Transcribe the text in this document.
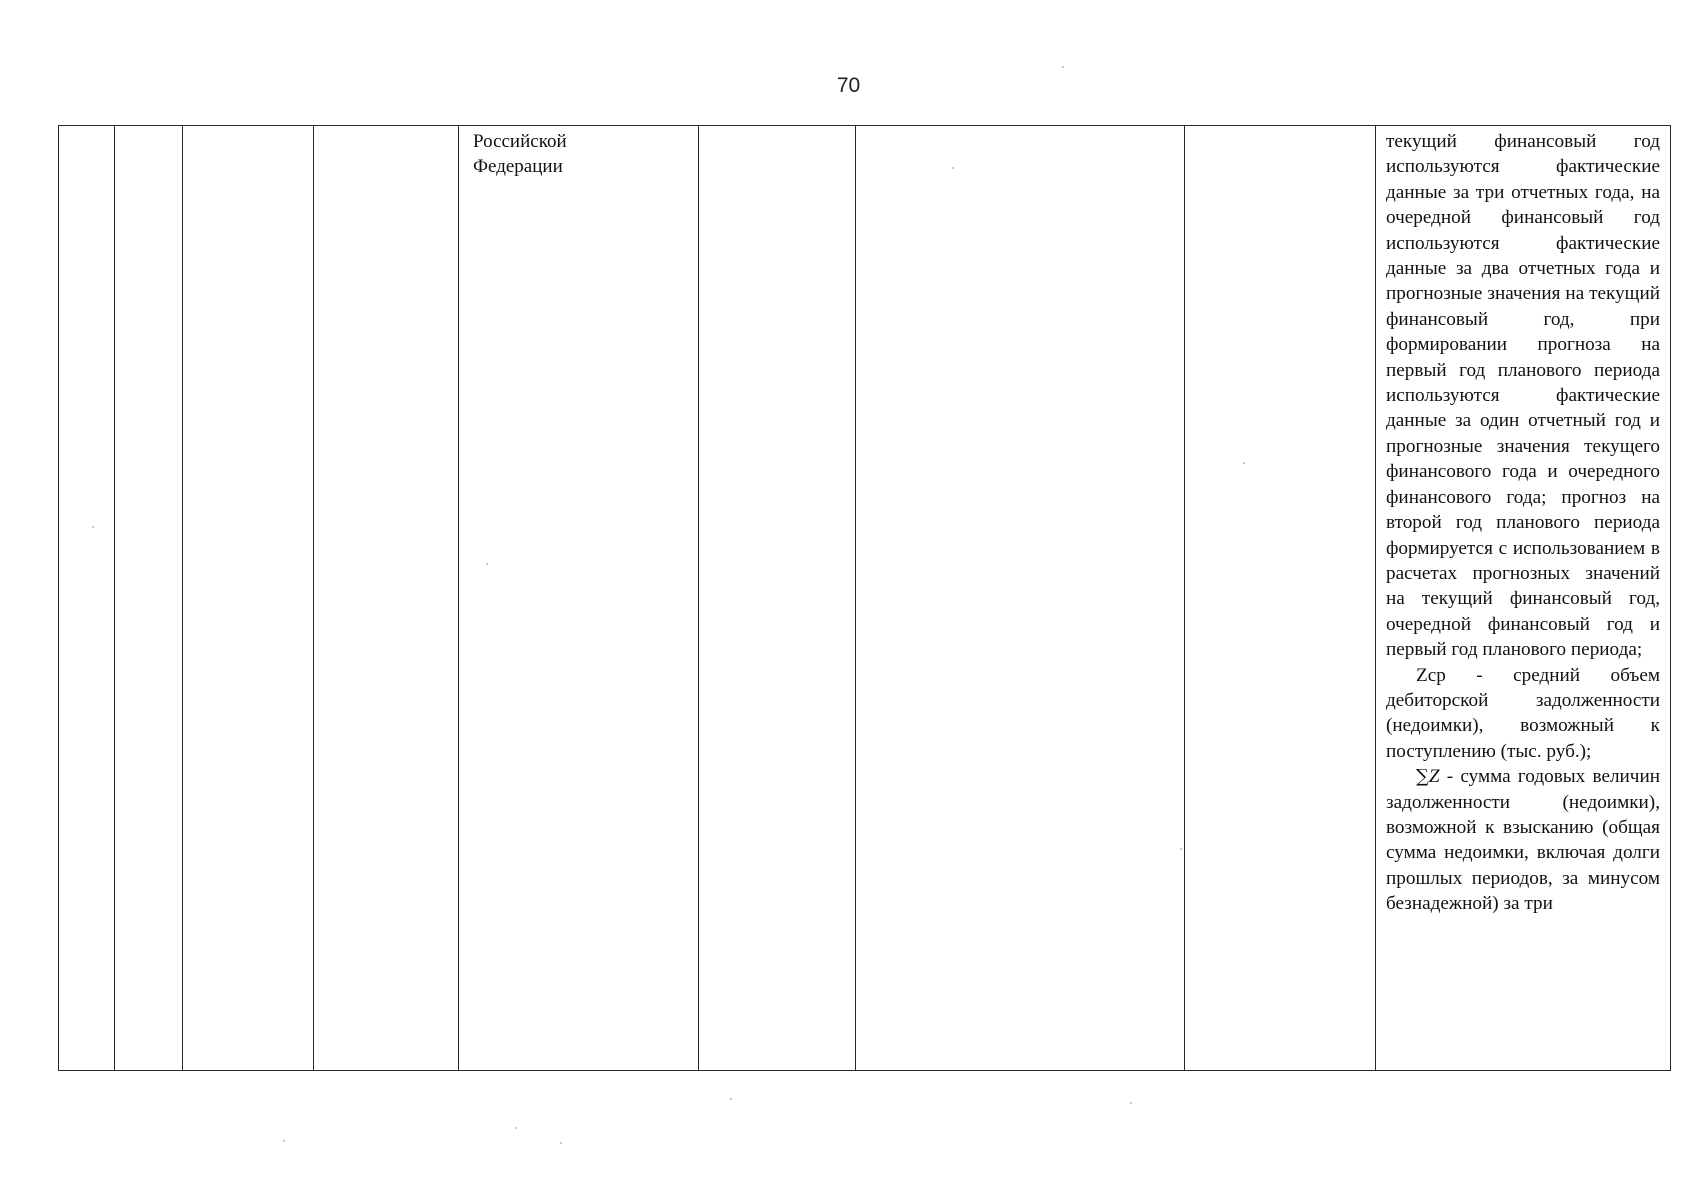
70

Российской Федерации

текущий финансовый год используются фактические данные за три отчетных года, на очередной финансовый год используются фактические данные за два отчетных года и прогнозные значения на текущий финансовый год, при формировании прогноза на первый год планового периода используются фактические данные за один отчетный год и прогнозные значения текущего финансового года и очередного финансового года; прогноз на второй год планового периода формируется с использованием в расчетах прогнозных значений на текущий финансовый год, очередной финансовый год и первый год планового периода;

Zср - средний объем дебиторской задолженности (недоимки), возможный к поступлению (тыс. руб.);

∑Z - сумма годовых величин задолженности (недоимки), возможной к взысканию (общая сумма недоимки, включая долги прошлых периодов, за минусом безнадежной) за три
